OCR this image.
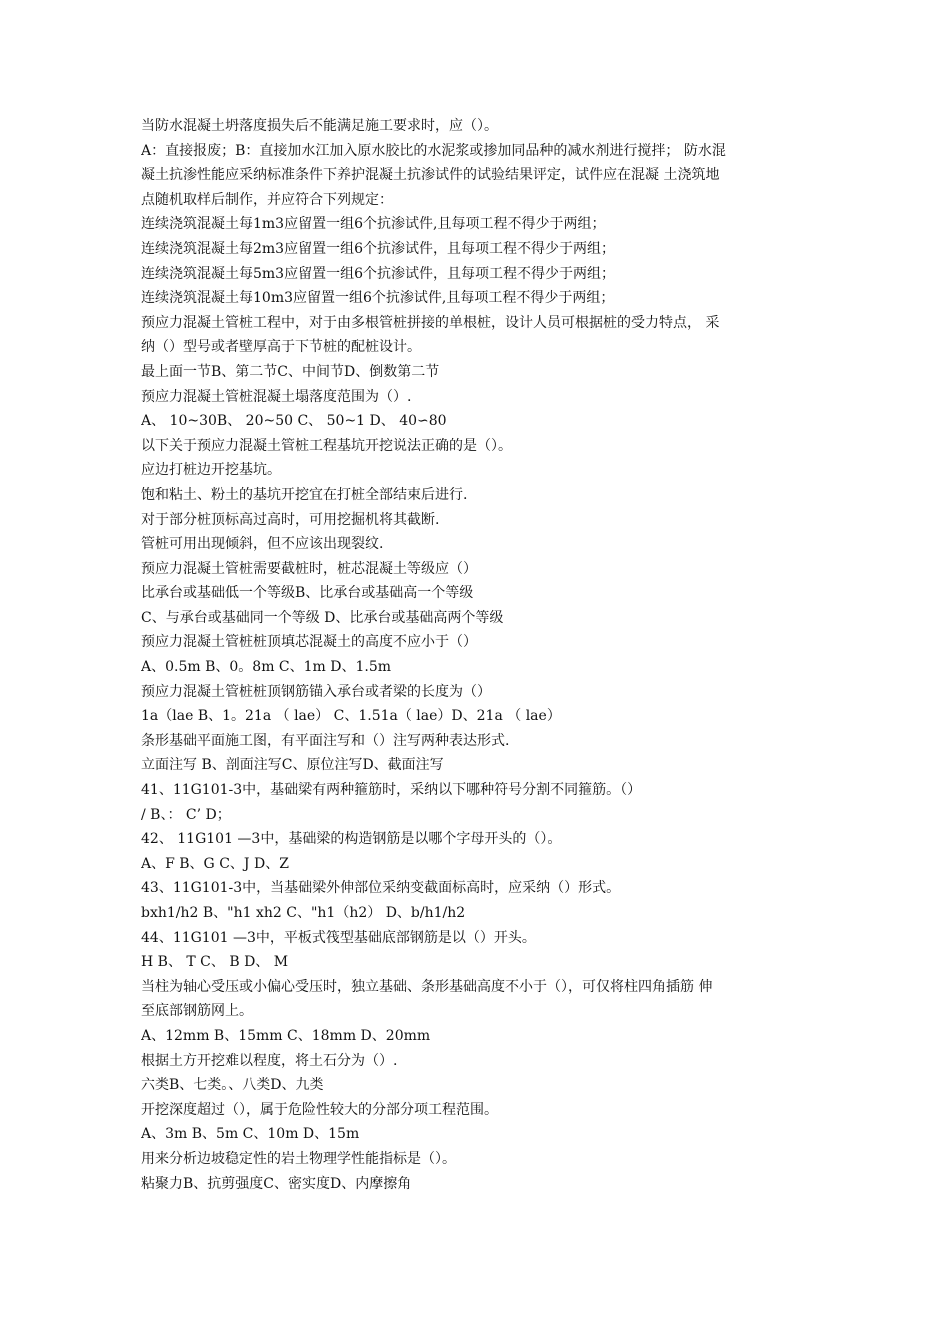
当防水混凝土坍落度损失后不能满足施工要求时，应（）。
A：直接报废；B：直接加水江加入原水胶比的水泥浆或掺加同品种的减水剂进行搅拌； 防水混
凝土抗渗性能应采纳标准条件下养护混凝土抗渗试件的试验结果评定，试件应在混凝 土浇筑地
点随机取样后制作，并应符合下列规定：
连续浇筑混凝土每1m3应留置一组6个抗渗试件,且每项工程不得少于两组；
连续浇筑混凝土每2m3应留置一组6个抗渗试件，且每项工程不得少于两组；
连续浇筑混凝土每5m3应留置一组6个抗渗试件，且每项工程不得少于两组；
连续浇筑混凝土每10m3应留置一组6个抗渗试件,且每项工程不得少于两组；
预应力混凝土管桩工程中，对于由多根管桩拼接的单根桩，设计人员可根据桩的受力特点， 采
纳（）型号或者壁厚高于下节桩的配桩设计。
最上面一节B、第二节C、中间节D、倒数第二节
预应力混凝土管桩混凝土塌落度范围为（）.
A、 10~30B、 20~50 C、 50~1 D、 40∽80
以下关于预应力混凝土管桩工程基坑开挖说法正确的是（）。
应边打桩边开挖基坑。
饱和粘土、粉土的基坑开挖宜在打桩全部结束后进行.
对于部分桩顶标高过高时，可用挖掘机将其截断.
管桩可用出现倾斜，但不应该出现裂纹.
预应力混凝土管桩需要截桩时，桩芯混凝土等级应（）
比承台或基础低一个等级B、比承台或基础高一个等级
C、与承台或基础同一个等级 D、比承台或基础高两个等级
预应力混凝土管桩桩顶填芯混凝土的高度不应小于（）
A、0.5m B、0。8m C、1m D、1.5m
预应力混凝土管桩桩顶钢筋锚入承台或者梁的长度为（）
1a（lae B、1。21a （ lae） C、1.51a（ lae）D、21a （ lae）
条形基础平面施工图，有平面注写和（）注写两种表达形式.
立面注写 B、剖面注写C、原位注写D、截面注写
41、11G101-3中，基础梁有两种箍筋时，采纳以下哪种符号分割不同箍筋。（）
/ B、： C’ D；
42、 11G101 —3中，基础梁的构造钢筋是以哪个字母开头的（）。
A、F B、G C、J D、Z
43、11G101-3中，当基础梁外伸部位采纳变截面标高时，应采纳（）形式。
bxh1/h2 B、"h1 xh2 C、"h1（h2） D、b/h1/h2
44、11G101 —3中，平板式筏型基础底部钢筋是以（）开头。
H B、 T C、 B D、 M
当柱为轴心受压或小偏心受压时，独立基础、条形基础高度不小于（），可仅将柱四角插筋 伸
至底部钢筋网上。
A、12mm B、15mm C、18mm D、20mm
根据土方开挖难以程度，将土石分为（）.
六类B、七类。、八类D、九类
开挖深度超过（），属于危险性较大的分部分项工程范围。
A、3m B、5m C、10m D、15m
用来分析边坡稳定性的岩土物理学性能指标是（）。
粘聚力B、抗剪强度C、密实度D、内摩擦角
